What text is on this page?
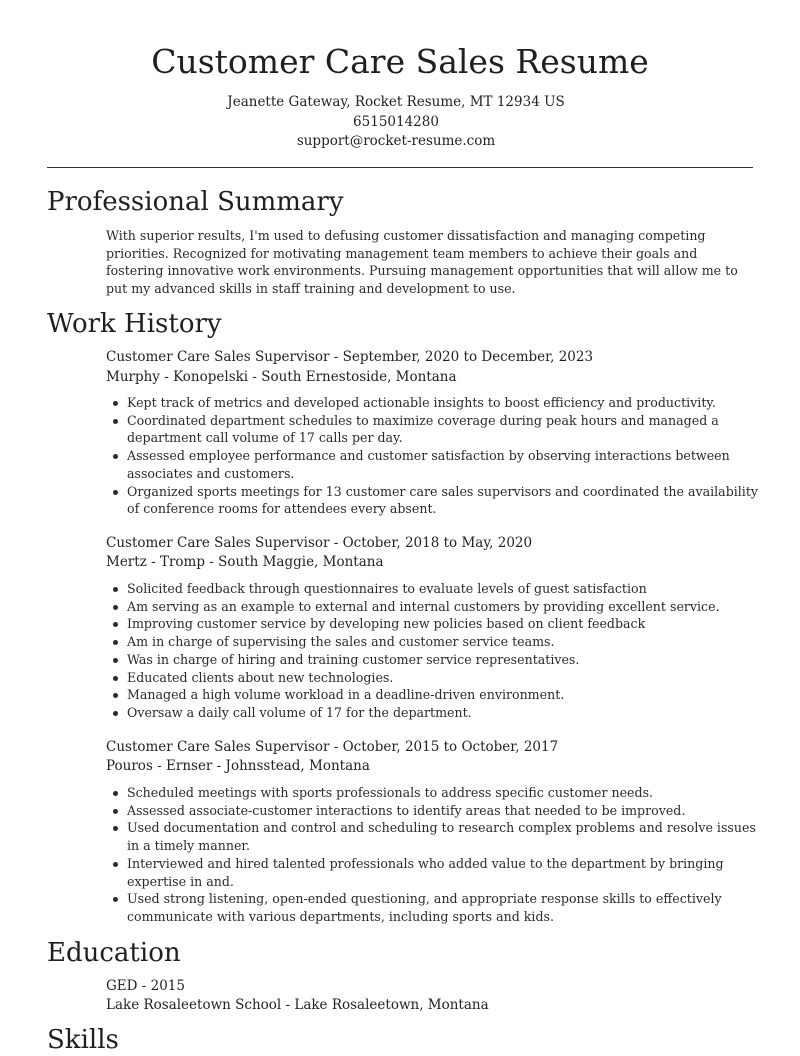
Customer Care Sales Resume
Jeanette Gateway, Rocket Resume, MT 12934 US
6515014280
support@rocket-resume.com
Professional Summary

With superior results, I'm used to defusing customer dissatisfaction and managing competing priorities. Recognized for motivating management team members to achieve their goals and fostering innovative work environments. Pursuing management opportunities that will allow me to put my advanced skills in staff training and development to use.

Work History
Customer Care Sales Supervisor - September, 2020 to December, 2023
Murphy - Konopelski - South Ernestoside, Montana
Kept track of metrics and developed actionable insights to boost efficiency and productivity.
Coordinated department schedules to maximize coverage during peak hours and managed a department call volume of 17 calls per day.
Assessed employee performance and customer satisfaction by observing interactions between associates and customers.
Organized sports meetings for 13 customer care sales supervisors and coordinated the availability of conference rooms for attendees every absent.
Customer Care Sales Supervisor - October, 2018 to May, 2020
Mertz - Tromp - South Maggie, Montana
Solicited feedback through questionnaires to evaluate levels of guest satisfaction
Am serving as an example to external and internal customers by providing excellent service.
Improving customer service by developing new policies based on client feedback
Am in charge of supervising the sales and customer service teams.
Was in charge of hiring and training customer service representatives.
Educated clients about new technologies.
Managed a high volume workload in a deadline-driven environment.
Oversaw a daily call volume of 17 for the department.
Customer Care Sales Supervisor - October, 2015 to October, 2017
Pouros - Ernser - Johnsstead, Montana
Scheduled meetings with sports professionals to address specific customer needs.
Assessed associate-customer interactions to identify areas that needed to be improved.
Used documentation and control and scheduling to research complex problems and resolve issues in a timely manner.
Interviewed and hired talented professionals who added value to the department by bringing expertise in and.
Used strong listening, open-ended questioning, and appropriate response skills to effectively communicate with various departments, including sports and kids.
Education
GED - 2015
Lake Rosaleetown School - Lake Rosaleetown, Montana
Skills
